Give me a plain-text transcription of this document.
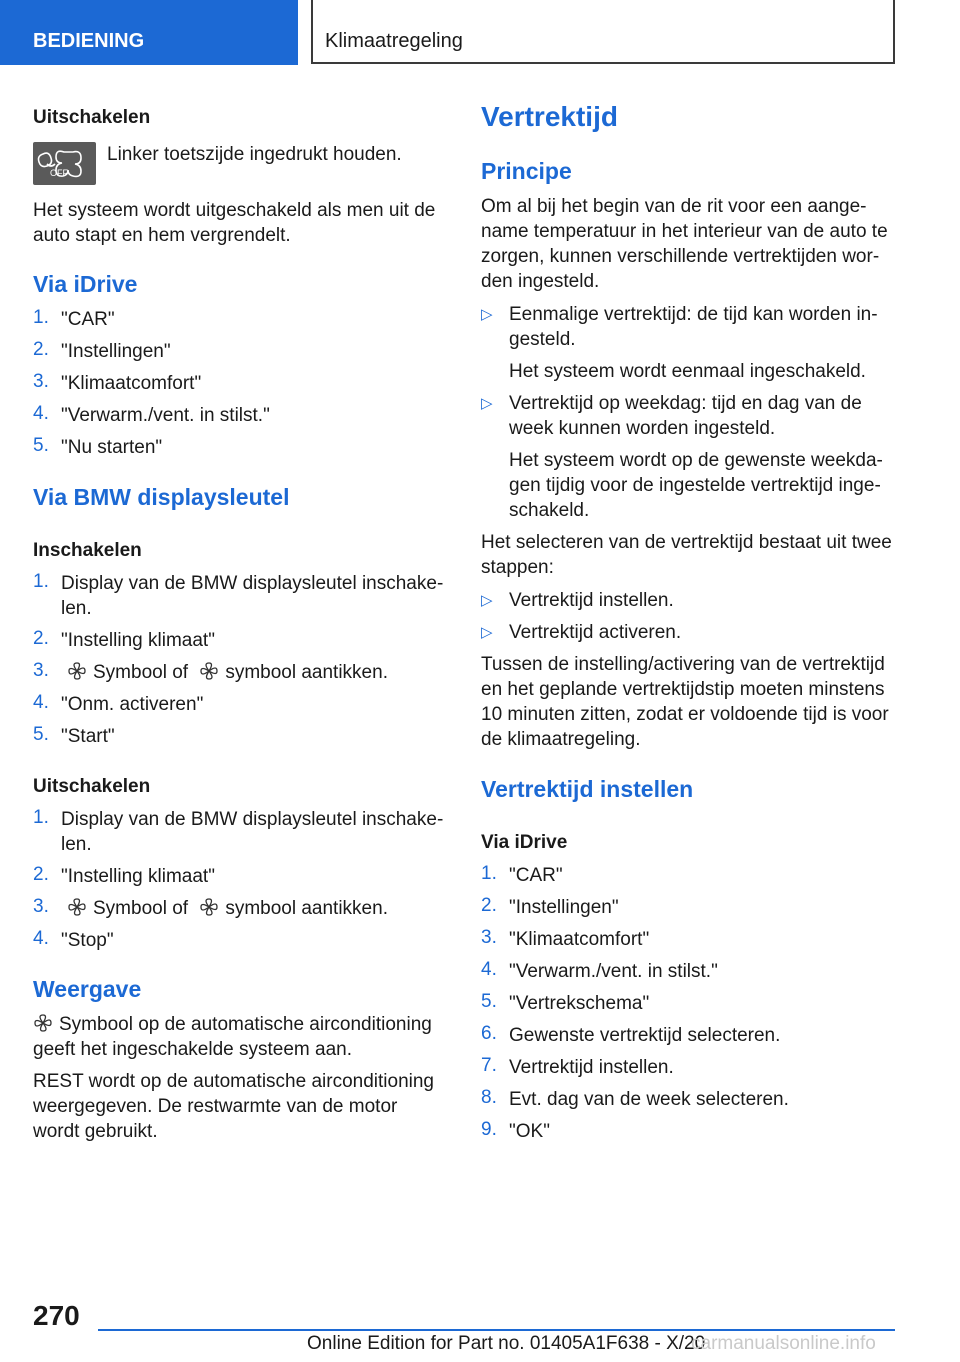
BEDIENING	Klimaatregeling
Uitschakelen
OFF
Linker toetszijde ingedrukt houden.
Het systeem wordt uitgeschakeld als men uit de
auto stapt en hem vergrendelt.
Via iDrive
1. "CAR"
2. "Instellingen"
3. "Klimaatcomfort"
4. "Verwarm./vent. in stilst."
5. "Nu starten"
Via BMW displaysleutel
Inschakelen
1. Display van de BMW displaysleutel inschake-
len.
2. "Instelling klimaat"
3.	Symbool of symbool aantikken.
4. "Onm. activeren"
5. "Start"
Uitschakelen
1. Display van de BMW displaysleutel inschake-
len.
2. "Instelling klimaat"
3.	Symbool of symbool aantikken.
4. "Stop"
Weergave
Symbool op de automatische airconditioning
geeft het ingeschakelde systeem aan.
REST wordt op de automatische airconditioning
weergegeven. De restwarmte van de motor
wordt gebruikt.
Vertrektijd
Principe
Om al bij het begin van de rit voor een aange-
name temperatuur in het interieur van de auto te
zorgen, kunnen verschillende vertrektijden wor-
den ingesteld.
▷ Eenmalige vertrektijd: de tijd kan worden in-
gesteld.
Het systeem wordt eenmaal ingeschakeld.
▷ Vertrektijd op weekdag: tijd en dag van de
week kunnen worden ingesteld.
Het systeem wordt op de gewenste weekda-
gen tijdig voor de ingestelde vertrektijd inge-
schakeld.
Het selecteren van de vertrektijd bestaat uit twee
stappen:
▷ Vertrektijd instellen.
▷ Vertrektijd activeren.
Tussen de instelling/activering van de vertrektijd
en het geplande vertrektijdstip moeten minstens
10 minuten zitten, zodat er voldoende tijd is voor
de klimaatregeling.
Vertrektijd instellen
Via iDrive
1. "CAR"
2. "Instellingen"
3. "Klimaatcomfort"
4. "Verwarm./vent. in stilst."
5. "Vertrekschema"
6. Gewenste vertrektijd selecteren.
7. Vertrektijd instellen.
8. Evt. dag van de week selecteren.
9. "OK"
270
Online Edition for Part no. 01405A1F638 - X/20
carmanualsonline.info
